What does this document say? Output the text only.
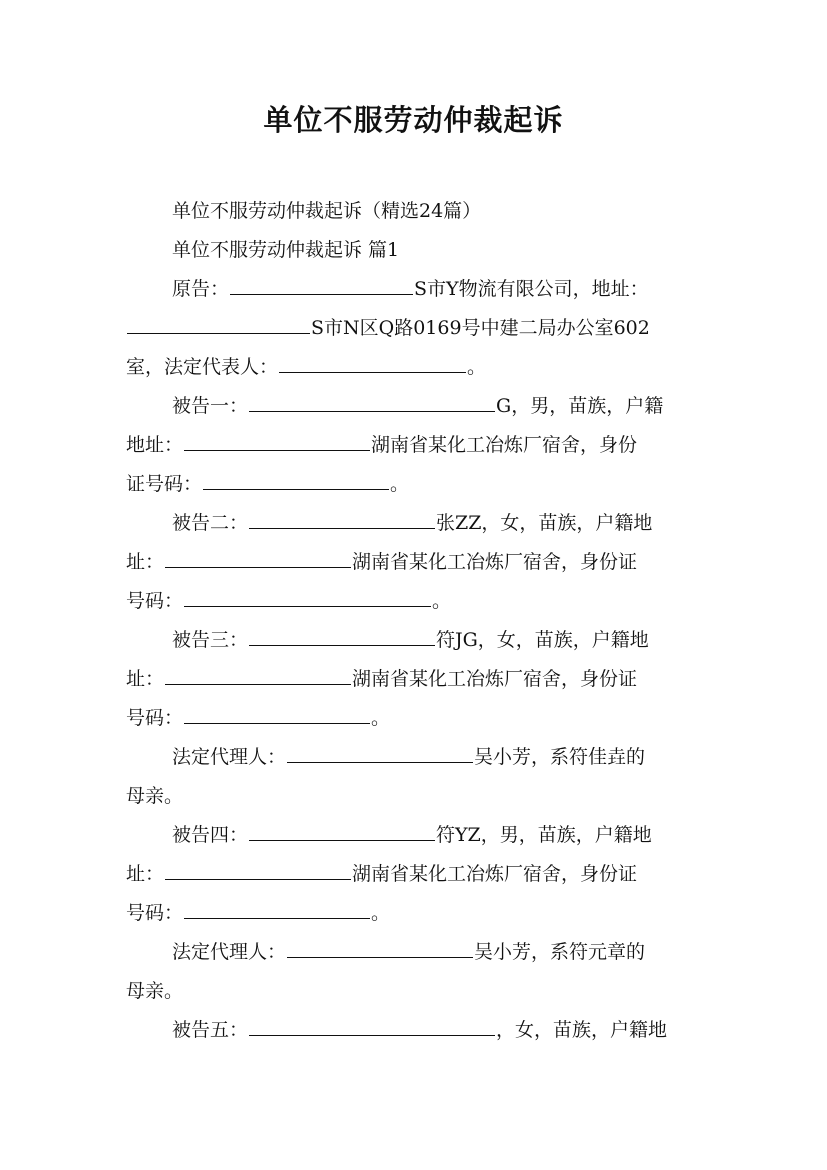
单位不服劳动仲裁起诉
单位不服劳动仲裁起诉（精选24篇）
单位不服劳动仲裁起诉 篇1
原告：	S市Y物流有限公司，地址：
S市N区Q路0169号中建二局办公室602
室，法定代表人：	。
被告一：	G，男，苗族，户籍
地址：	湖南省某化工冶炼厂宿舍，身份
证号码：	。
被告二：	张ZZ，女，苗族，户籍地
址：	湖南省某化工冶炼厂宿舍，身份证
号码：	。
被告三：	符JG，女，苗族，户籍地
址：	湖南省某化工冶炼厂宿舍，身份证
号码：	。
法定代理人：	吴小芳，系符佳垚的
母亲。
被告四：	符YZ，男，苗族，户籍地
址：	湖南省某化工冶炼厂宿舍，身份证
号码：	。
法定代理人：	吴小芳，系符元章的
母亲。
被告五：	，女，苗族，户籍地
